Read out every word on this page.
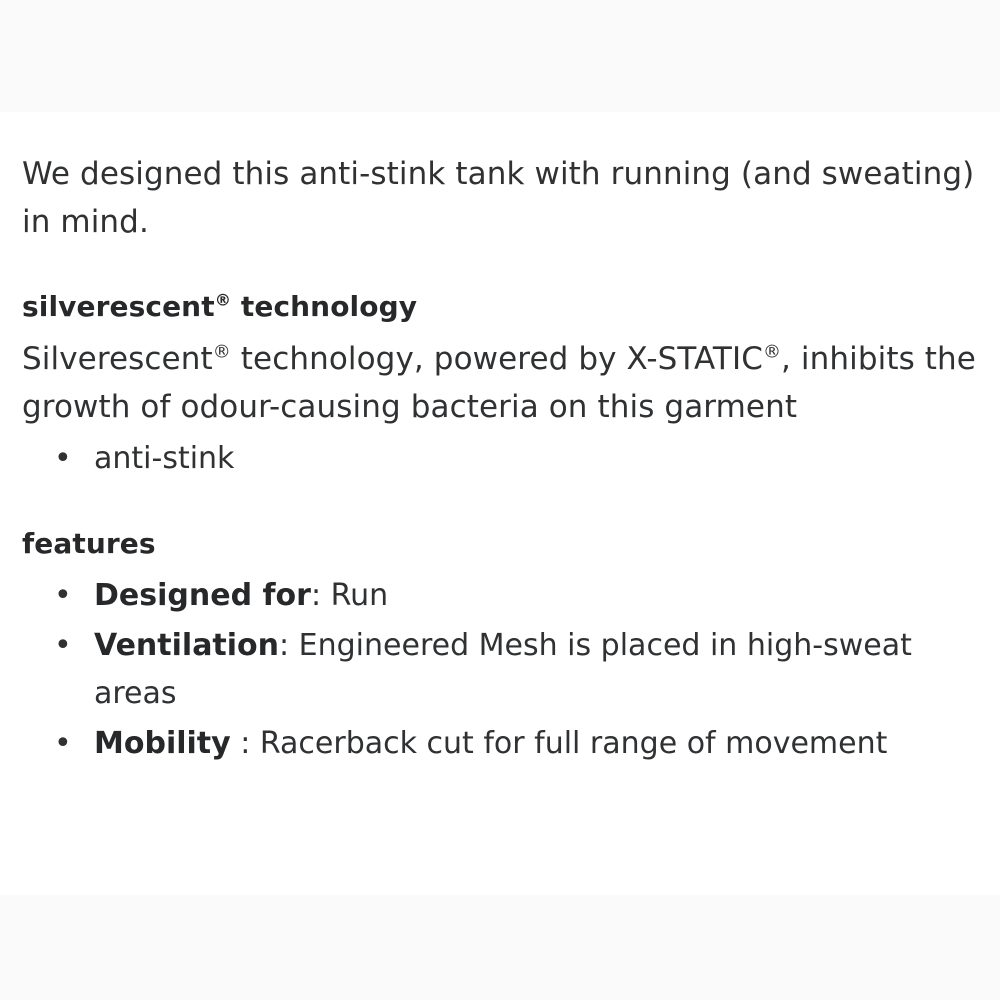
We designed this anti-stink tank with running (and sweating) in mind.

silverescent® technology

Silverescent® technology, powered by X-STATIC®, inhibits the growth of odour-causing bacteria on this garment

• anti-stink
features
• Designed for: Run
• Ventilation: Engineered Mesh is placed in high-sweat areas
• Mobility : Racerback cut for full range of movement
